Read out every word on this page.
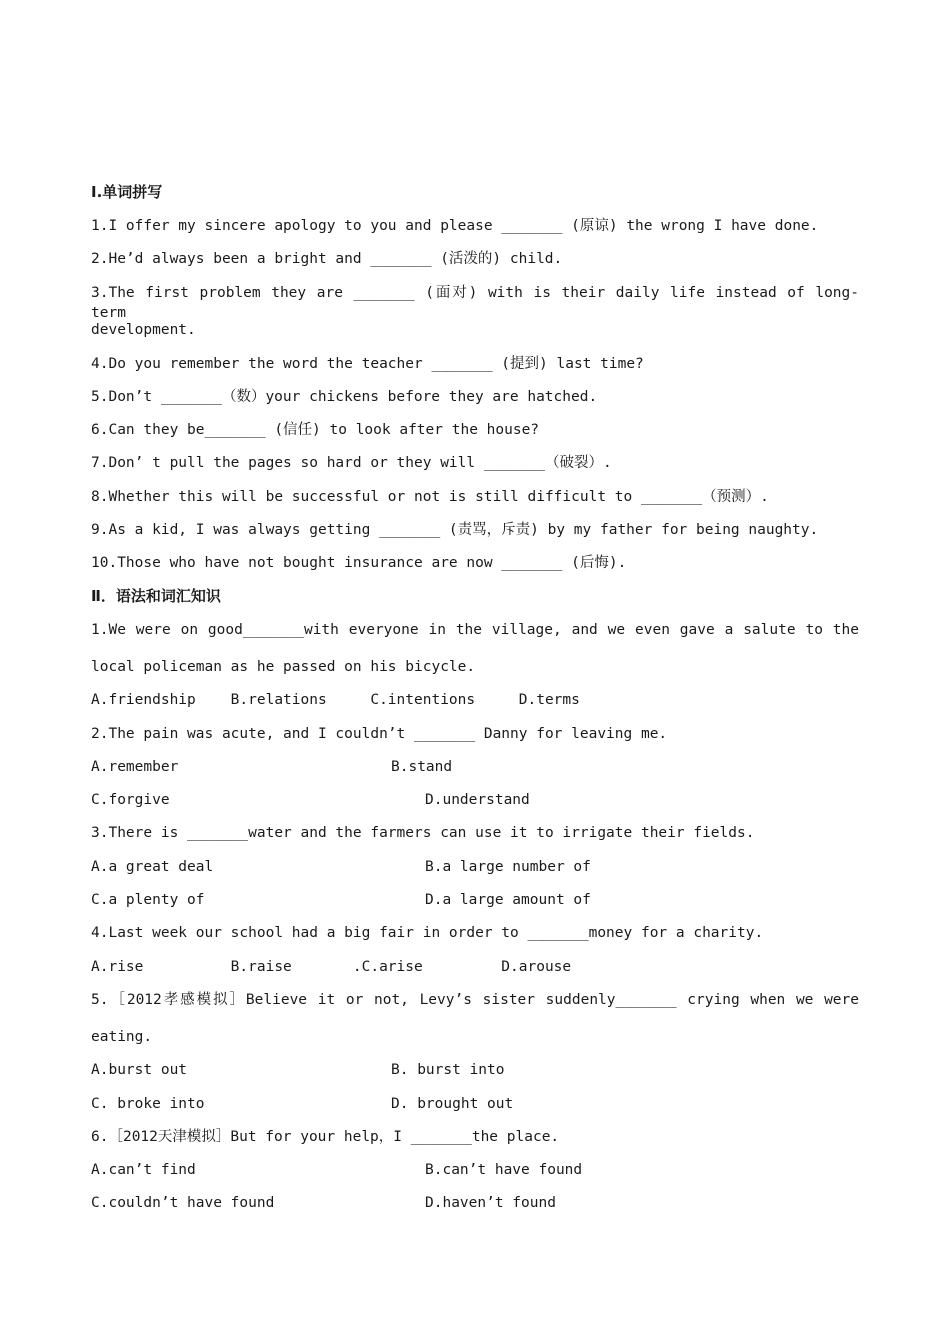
Ⅰ.单词拼写
1.I offer my sincere apology to you and please _______ (原谅) the wrong I have done.
2.He’d always been a bright and _______ (活泼的) child.
3.The first problem they are _______ (面对) with is their daily life instead of long-term
development.
4.Do you remember the word the teacher _______ (提到) last time?
5.Don’t _______（数）your chickens before they are hatched.
6.Can they be_______ (信任) to look after the house?
7.Don’ t pull the pages so hard or they will _______（破裂）.
8.Whether this will be successful or not is still difficult to _______（预测）.
9.As a kid, I was always getting _______ (责骂，斥责) by my father for being naughty.
10.Those who have not bought insurance are now _______ (后悔).
Ⅱ．语法和词汇知识
1.We were on good_______with everyone in the village, and we even gave a salute to the
local policeman as he passed on his bicycle.
A.friendship    B.relations     C.intentions     D.terms
2.The pain was acute, and I couldn’t _______ Danny for leaving me.
A.remember	B.stand
C.forgive	D.understand
3.There is _______water and the farmers can use it to irrigate their fields.
A.a great deal	B.a large number of
C.a plenty of	D.a large amount of
4.Last week our school had a big fair in order to _______money for a charity.
A.rise          B.raise       .C.arise         D.arouse
5.［2012孝感模拟］Believe it or not, Levy’s sister suddenly_______ crying when we were
eating.
A.burst out	B. burst into
C. broke into	D. brought out
6.［2012天津模拟］But for your help，I _______the place.
A.can’t find	B.can’t have found
C.couldn’t have found	D.haven’t found
